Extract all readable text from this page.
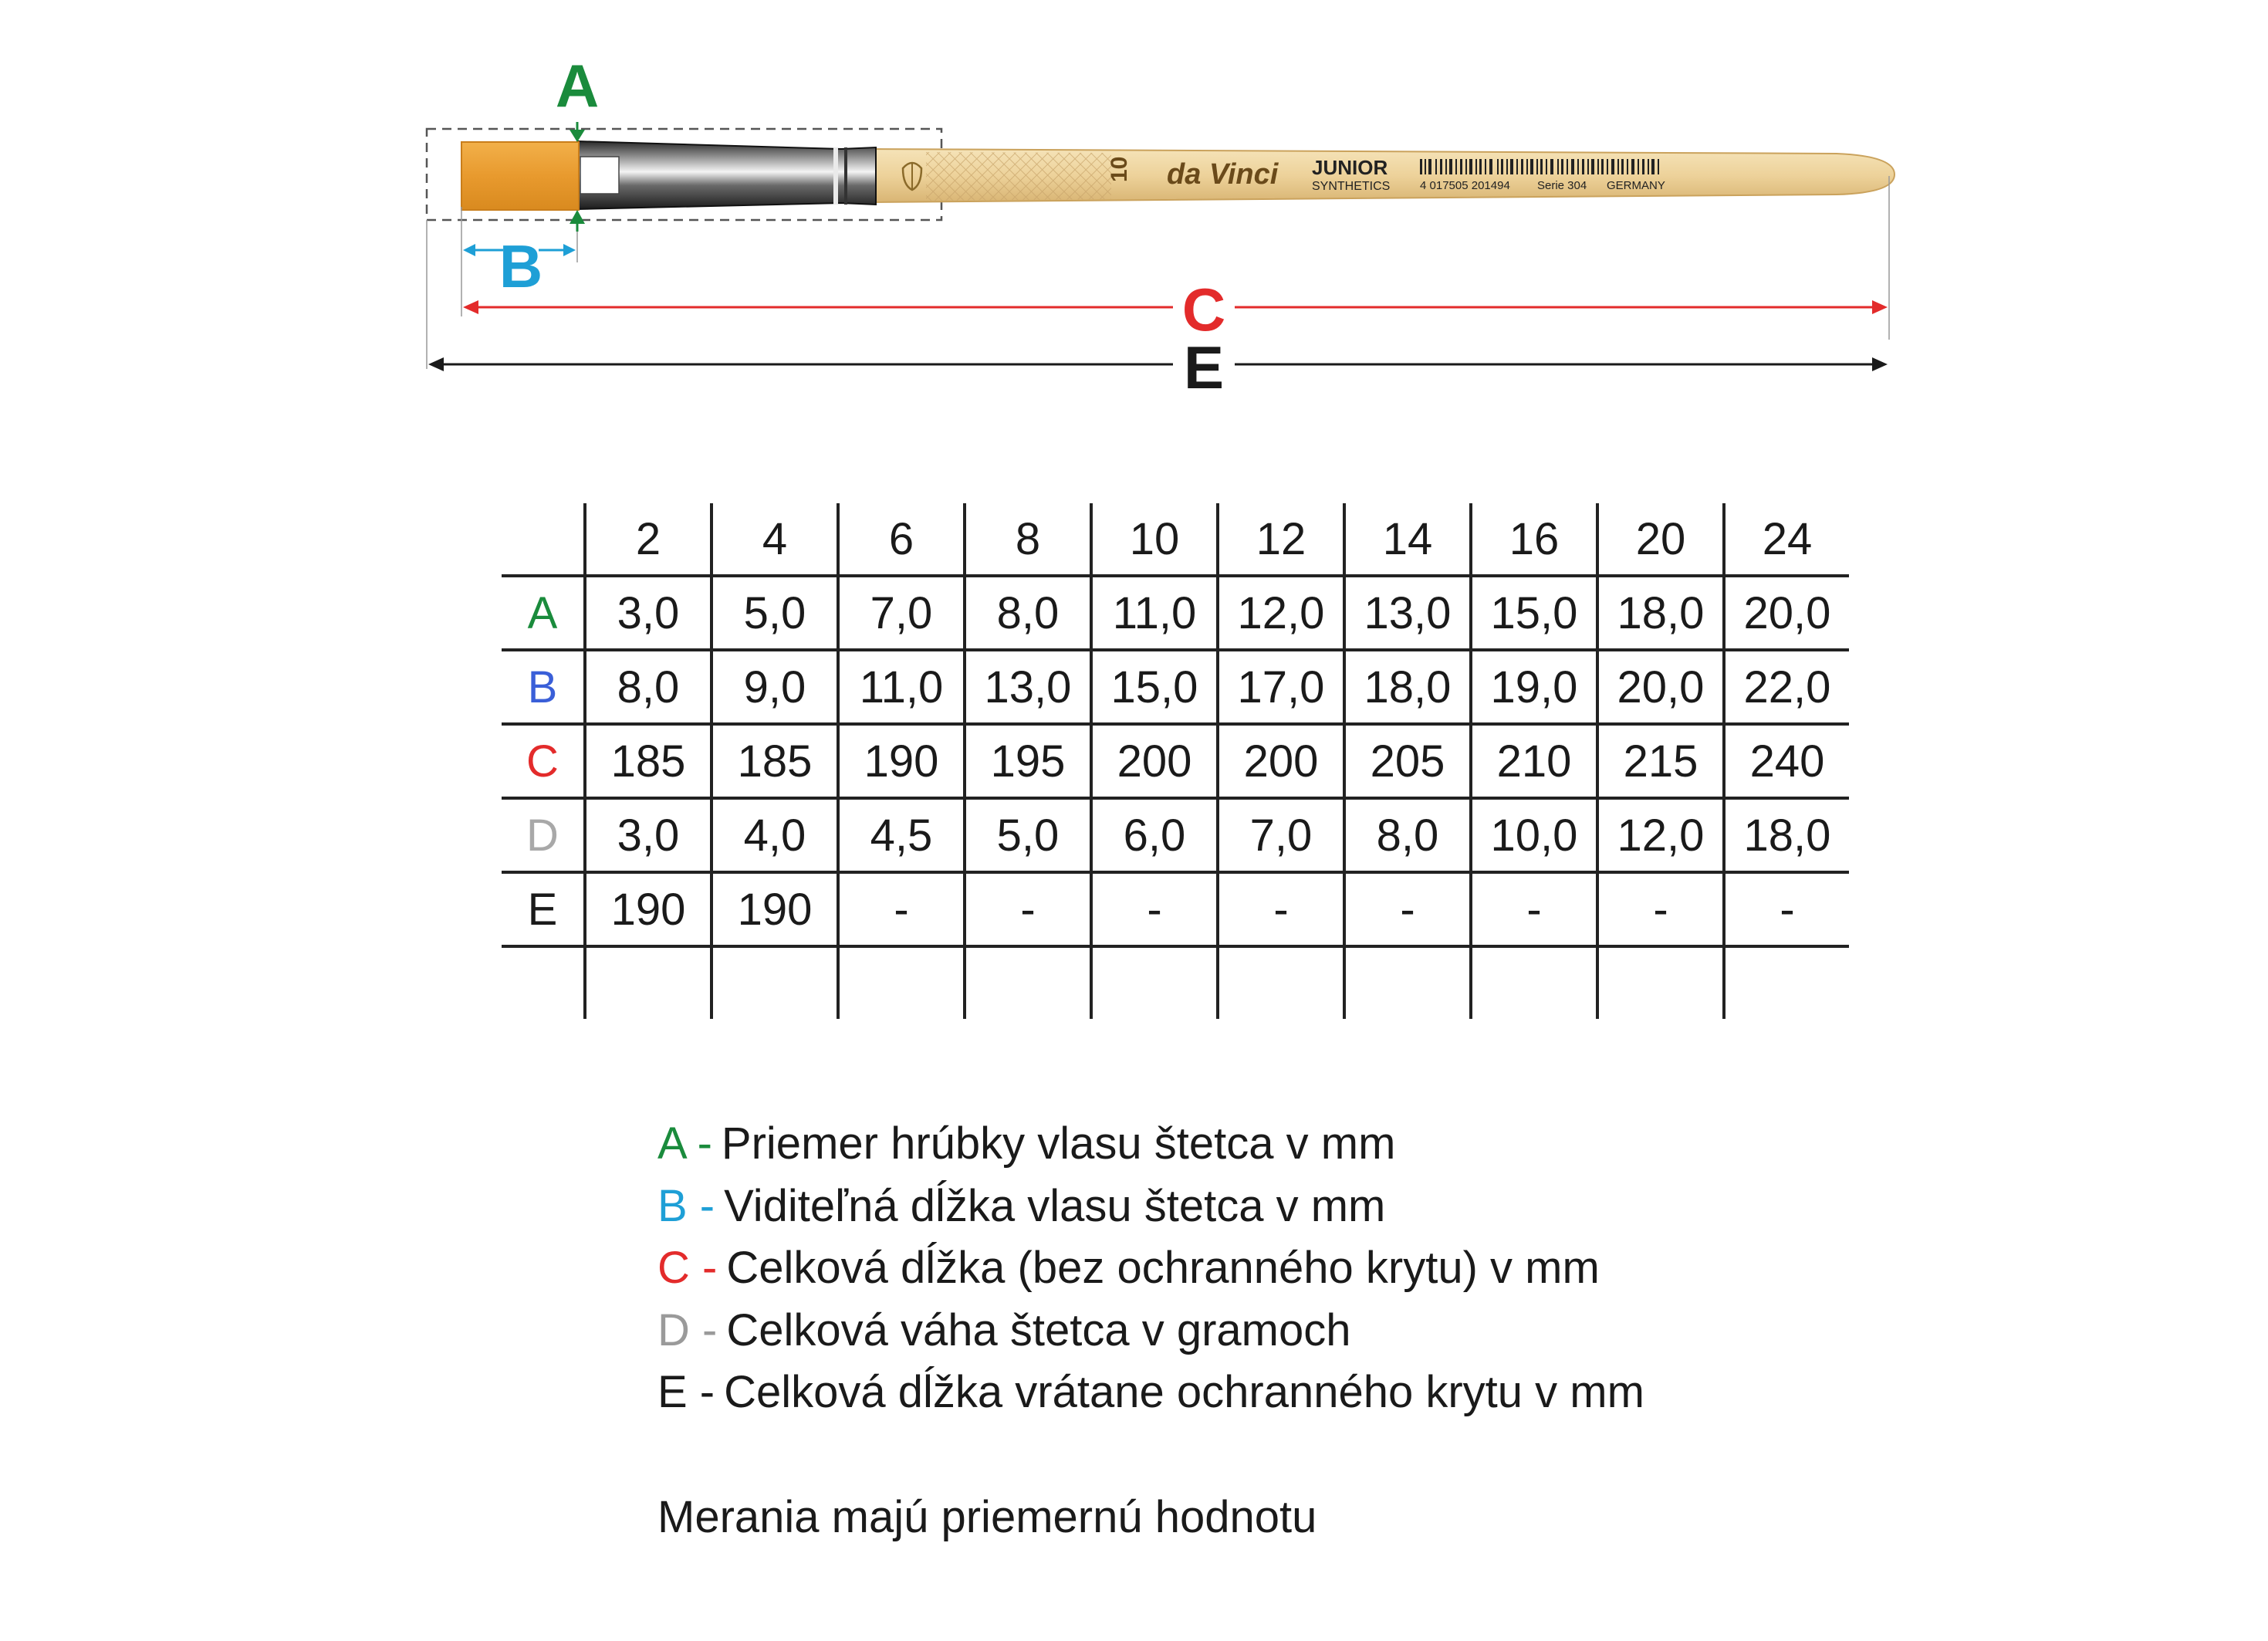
10 da Vinci JUNIOR
SYNTHETICS	4 017505 201494 Serie 304 GERMANY
A
B
C
E
	2	4	6	8	10	12	14	16	20	24
A	3,0	5,0	7,0	8,0	11,0	12,0	13,0	15,0	18,0	20,0
B	8,0	9,0	11,0	13,0	15,0	17,0	18,0	19,0	20,0	22,0
C	185	185	190	195	200	200	205	210	215	240
D	3,0	4,0	4,5	5,0	6,0	7,0	8,0	10,0	12,0	18,0
E	190	190	-	-	-	-	-	-	-	-

A - Priemer hrúbky vlasu štetca v mm
B - Viditeľná dĺžka vlasu štetca v mm
C - Celková dĺžka (bez ochranného krytu) v mm
D - Celková váha štetca v gramoch
E - Celková dĺžka vrátane ochranného krytu v mm
Merania majú priemernú hodnotu
